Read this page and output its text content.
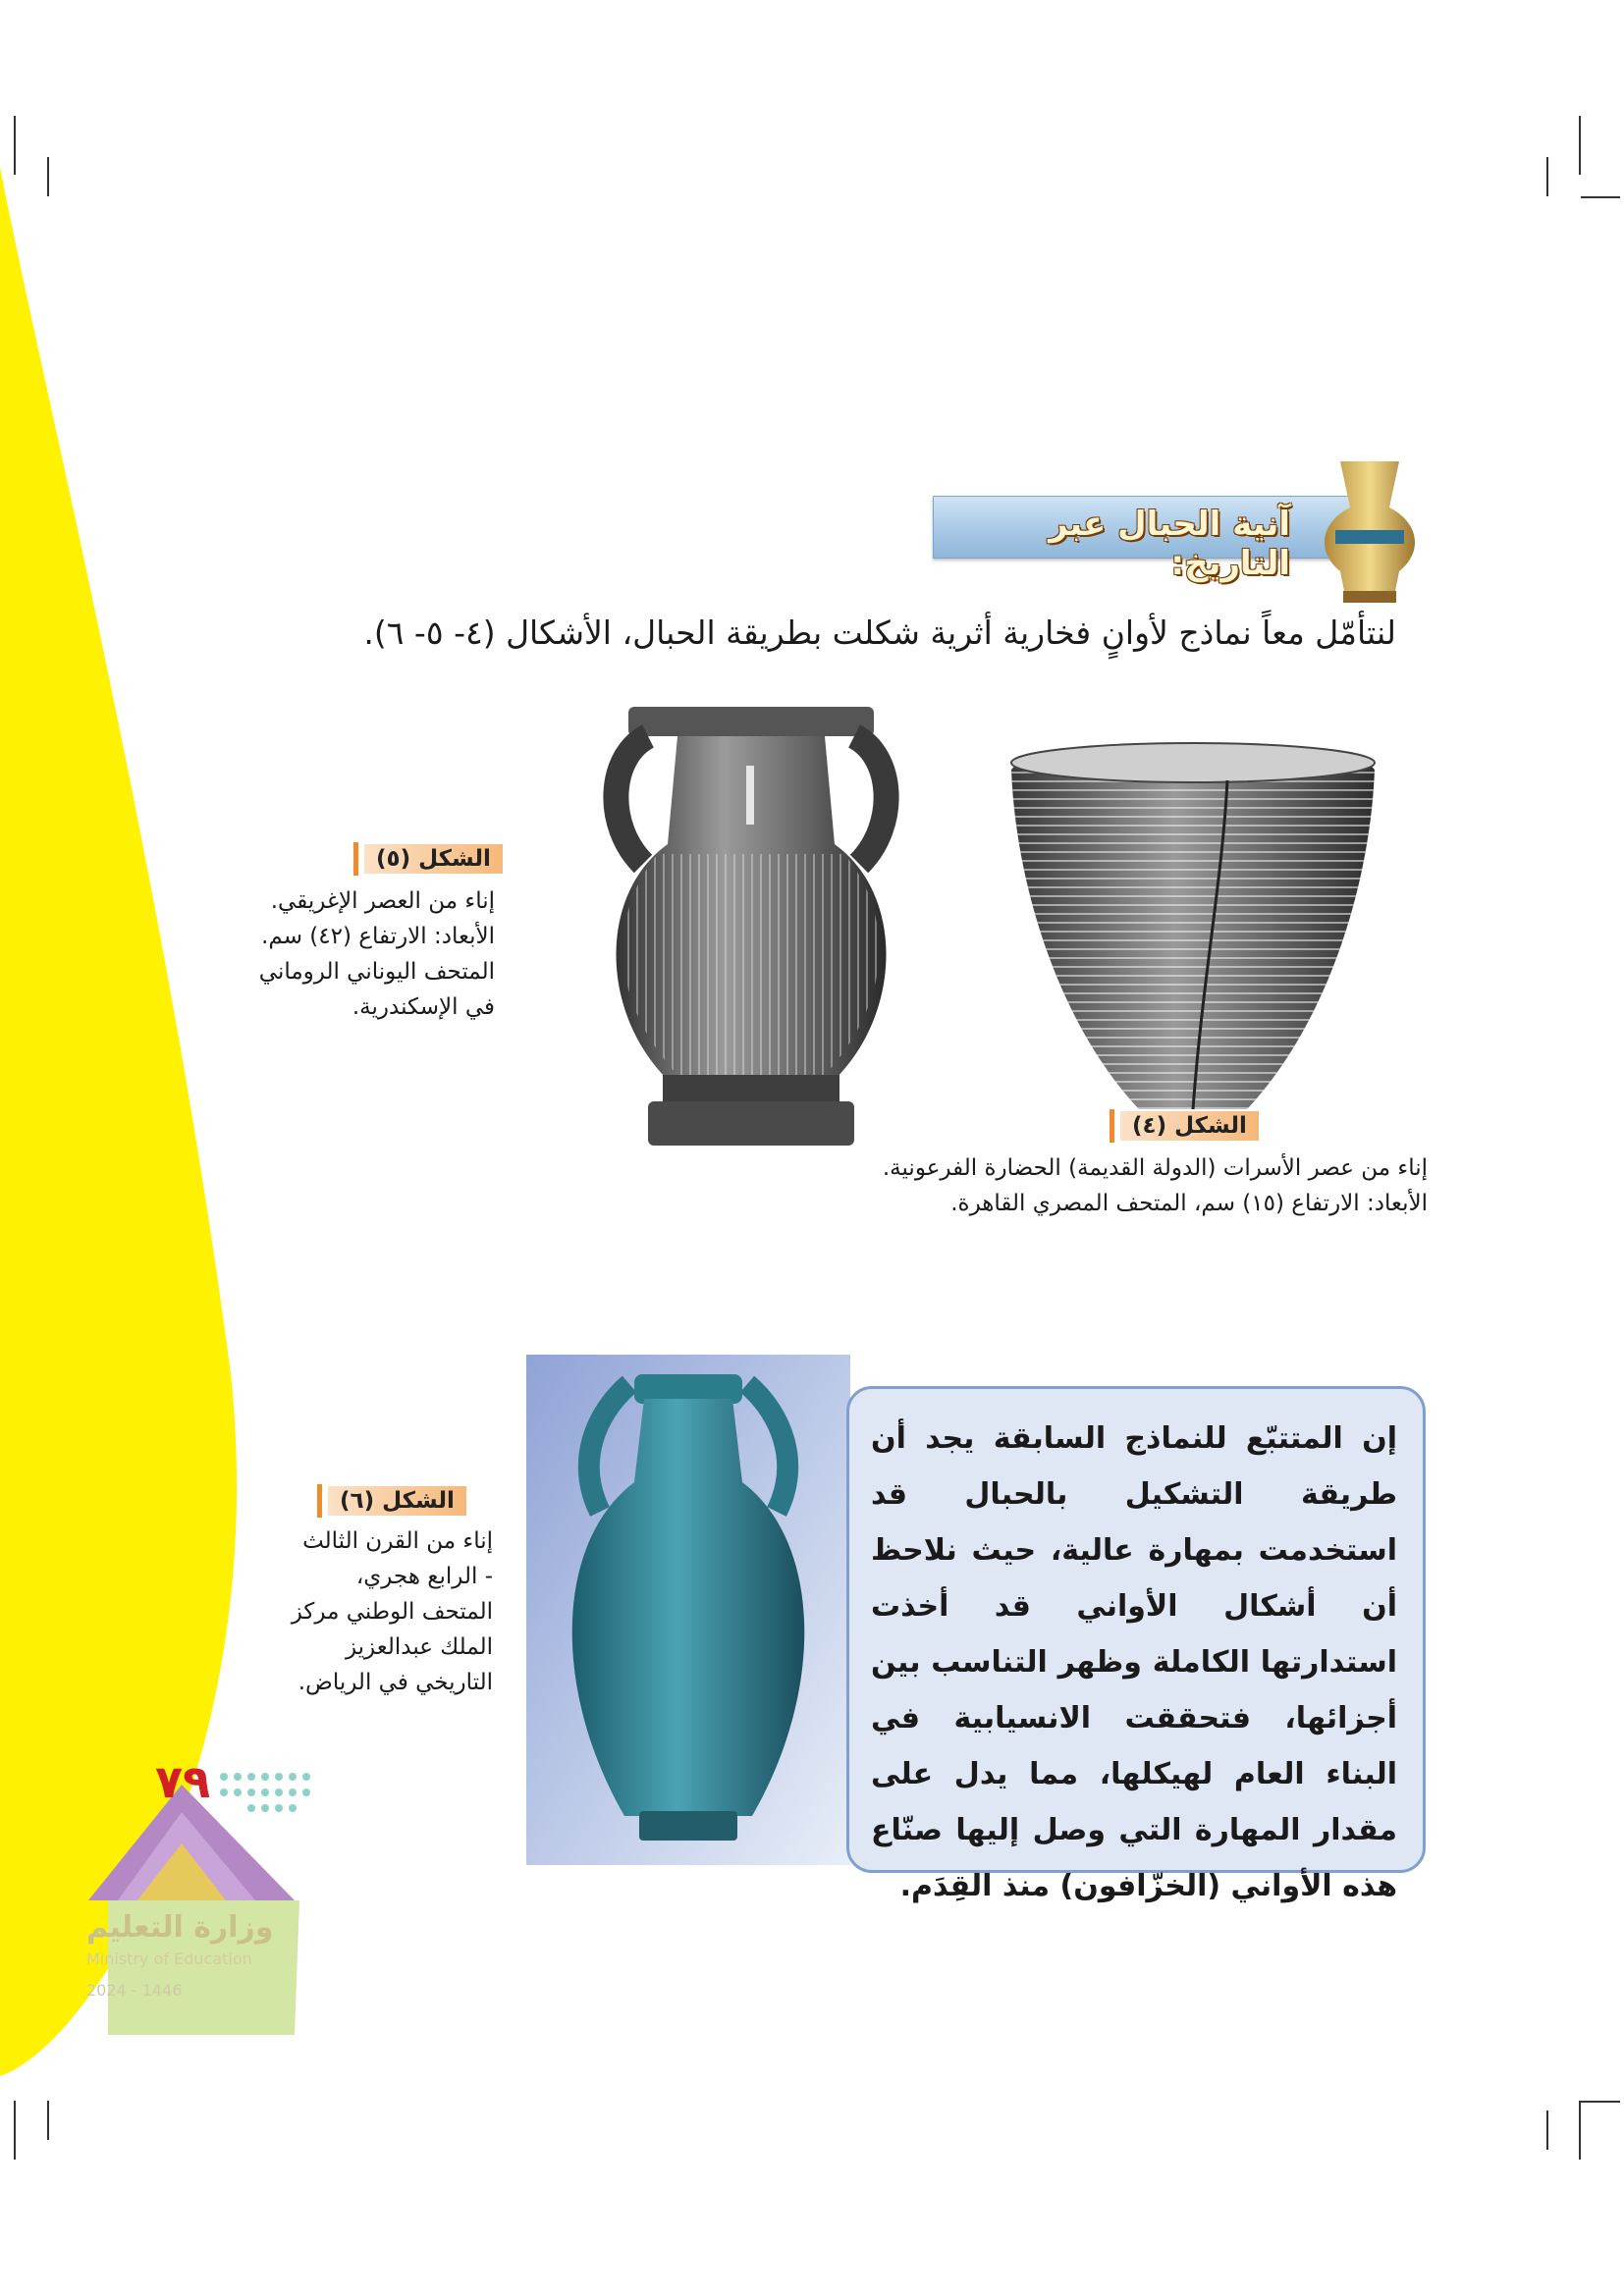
٧٩
وزارة التعليم
Ministry of Education
2024 - 1446
آنية الحبال عبر التاريخ:
لنتأمّل معاً نماذج لأوانٍ فخارية أثرية شكلت بطريقة الحبال، الأشكال (٤- ٥- ٦).
الشكل (٤)
إناء من عصر الأسرات (الدولة القديمة) الحضارة الفرعونية.
الأبعاد: الارتفاع (١٥) سم، المتحف المصري القاهرة.
الشكل (٥)
إناء من العصر الإغريقي.
الأبعاد: الارتفاع (٤٢) سم.
المتحف اليوناني الروماني
في الإسكندرية.
الشكل (٦)
إناء من القرن الثالث
- الرابع هجري،
المتحف الوطني مركز
الملك عبدالعزيز
التاريخي في الرياض.
إن المتتبّع للنماذج السابقة يجد أن طريقة التشكيل بالحبال قد استخدمت بمهارة عالية، حيث نلاحظ أن أشكال الأواني قد أخذت استدارتها الكاملة وظهر التناسب بين أجزائها، فتحققت الانسيابية في البناء العام لهيكلها، مما يدل على مقدار المهارة التي وصل إليها صنّاع هذه الأواني (الخزّافون) منذ القِدَم.
